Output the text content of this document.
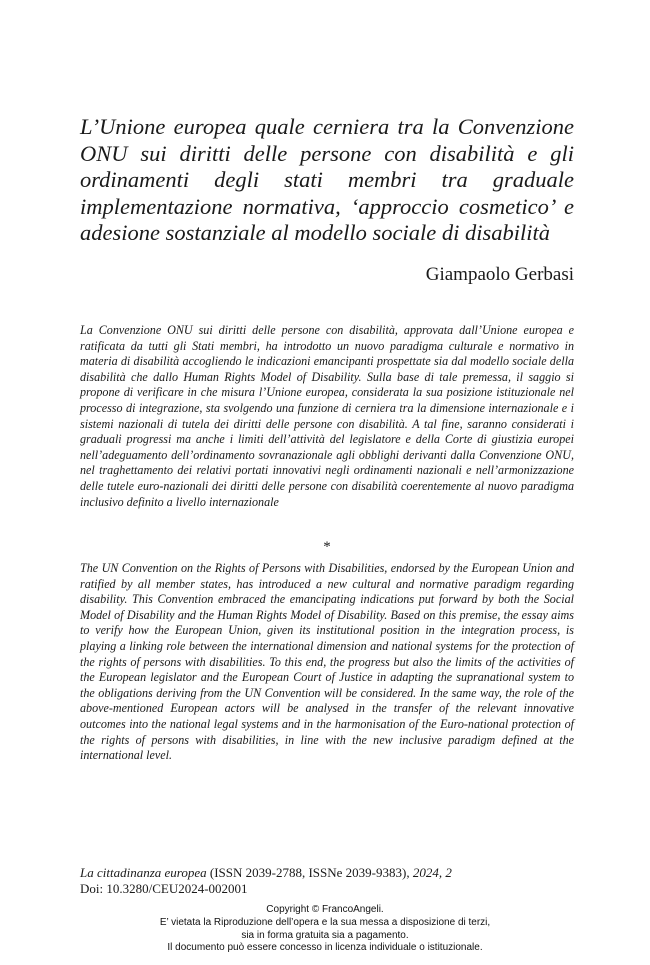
L’Unione europea quale cerniera tra la Convenzione ONU sui diritti delle persone con disabilità e gli ordinamenti degli stati membri tra graduale implementazione normativa, ‘approccio cosmetico’ e adesione sostanziale al modello sociale di disabilità

Giampaolo Gerbasi

La Convenzione ONU sui diritti delle persone con disabilità, approvata dall’Unione europea e ratificata da tutti gli Stati membri, ha introdotto un nuovo paradigma culturale e normativo in materia di disabilità accogliendo le indicazioni emancipanti prospettate sia dal modello sociale della disabilità che dallo Human Rights Model of Disability. Sulla base di tale premessa, il saggio si propone di verificare in che misura l’Unione europea, considerata la sua posizione istituzionale nel processo di integrazione, sta svolgendo una funzione di cerniera tra la dimensione internazionale e i sistemi nazionali di tutela dei diritti delle persone con disabilità. A tal fine, saranno considerati i graduali progressi ma anche i limiti dell’attività del legislatore e della Corte di giustizia europei nell’adeguamento dell’ordinamento sovranazionale agli obblighi derivanti dalla Convenzione ONU, nel traghettamento dei relativi portati innovativi negli ordinamenti nazionali e nell’armonizzazione delle tutele euro-nazionali dei diritti delle persone con disabilità coerentemente al nuovo paradigma inclusivo definito a livello internazionale

*

The UN Convention on the Rights of Persons with Disabilities, endorsed by the European Union and ratified by all member states, has introduced a new cultural and normative paradigm regarding disability. This Convention embraced the emancipating indications put forward by both the Social Model of Disability and the Human Rights Model of Disability. Based on this premise, the essay aims to verify how the European Union, given its institutional position in the integration process, is playing a linking role between the international dimension and national systems for the protection of the rights of persons with disabilities. To this end, the progress but also the limits of the activities of the European legislator and the European Court of Justice in adapting the supranational system to the obligations deriving from the UN Convention will be considered. In the same way, the role of the above-mentioned European actors will be analysed in the transfer of the relevant innovative outcomes into the national legal systems and in the harmonisation of the Euro-national protection of the rights of persons with disabilities, in line with the new inclusive paradigm defined at the international level.

La cittadinanza europea (ISSN 2039-2788, ISSNe 2039-9383), 2024, 2
Doi: 10.3280/CEU2024-002001

Copyright © FrancoAngeli.
E’ vietata la Riproduzione dell’opera e la sua messa a disposizione di terzi,
sia in forma gratuita sia a pagamento.
Il documento può essere concesso in licenza individuale o istituzionale.
